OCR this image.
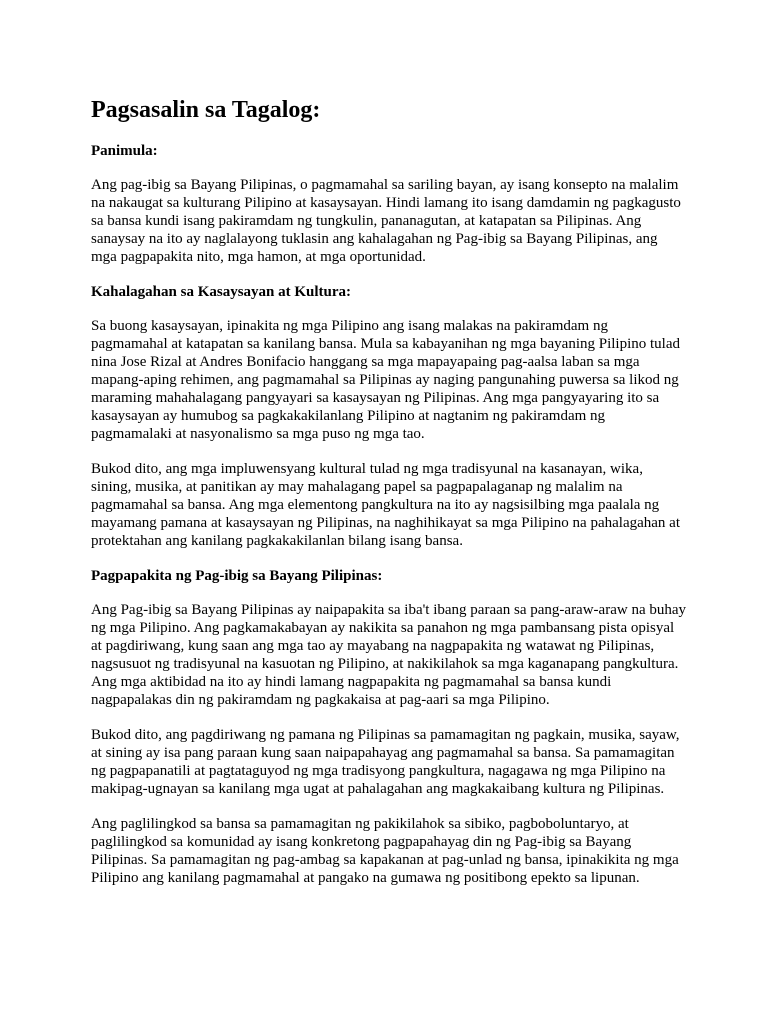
Pagsasalin sa Tagalog:
Panimula:

Ang pag-ibig sa Bayang Pilipinas, o pagmamahal sa sariling bayan, ay isang konsepto na malalim na nakaugat sa kulturang Pilipino at kasaysayan. Hindi lamang ito isang damdamin ng pagkagusto sa bansa kundi isang pakiramdam ng tungkulin, pananagutan, at katapatan sa Pilipinas. Ang sanaysay na ito ay naglalayong tuklasin ang kahalagahan ng Pag-ibig sa Bayang Pilipinas, ang mga pagpapakita nito, mga hamon, at mga oportunidad.

Kahalagahan sa Kasaysayan at Kultura:

Sa buong kasaysayan, ipinakita ng mga Pilipino ang isang malakas na pakiramdam ng pagmamahal at katapatan sa kanilang bansa. Mula sa kabayanihan ng mga bayaning Pilipino tulad nina Jose Rizal at Andres Bonifacio hanggang sa mga mapayapaing pag-aalsa laban sa mga mapang-aping rehimen, ang pagmamahal sa Pilipinas ay naging pangunahing puwersa sa likod ng maraming mahahalagang pangyayari sa kasaysayan ng Pilipinas. Ang mga pangyayaring ito sa kasaysayan ay humubog sa pagkakakilanlang Pilipino at nagtanim ng pakiramdam ng pagmamalaki at nasyonalismo sa mga puso ng mga tao.

Bukod dito, ang mga impluwensyang kultural tulad ng mga tradisyunal na kasanayan, wika, sining, musika, at panitikan ay may mahalagang papel sa pagpapalaganap ng malalim na pagmamahal sa bansa. Ang mga elementong pangkultura na ito ay nagsisilbing mga paalala ng mayamang pamana at kasaysayan ng Pilipinas, na naghihikayat sa mga Pilipino na pahalagahan at protektahan ang kanilang pagkakakilanlan bilang isang bansa.

Pagpapakita ng Pag-ibig sa Bayang Pilipinas:

Ang Pag-ibig sa Bayang Pilipinas ay naipapakita sa iba't ibang paraan sa pang-araw-araw na buhay ng mga Pilipino. Ang pagkamakabayan ay nakikita sa panahon ng mga pambansang pista opisyal at pagdiriwang, kung saan ang mga tao ay mayabang na nagpapakita ng watawat ng Pilipinas, nagsusuot ng tradisyunal na kasuotan ng Pilipino, at nakikilahok sa mga kaganapang pangkultura. Ang mga aktibidad na ito ay hindi lamang nagpapakita ng pagmamahal sa bansa kundi nagpapalakas din ng pakiramdam ng pagkakaisa at pag-aari sa mga Pilipino.

Bukod dito, ang pagdiriwang ng pamana ng Pilipinas sa pamamagitan ng pagkain, musika, sayaw, at sining ay isa pang paraan kung saan naipapahayag ang pagmamahal sa bansa. Sa pamamagitan ng pagpapanatili at pagtataguyod ng mga tradisyong pangkultura, nagagawa ng mga Pilipino na makipag-ugnayan sa kanilang mga ugat at pahalagahan ang magkakaibang kultura ng Pilipinas.

Ang paglilingkod sa bansa sa pamamagitan ng pakikilahok sa sibiko, pagboboluntaryo, at paglilingkod sa komunidad ay isang konkretong pagpapahayag din ng Pag-ibig sa Bayang Pilipinas. Sa pamamagitan ng pag-ambag sa kapakanan at pag-unlad ng bansa, ipinakikita ng mga Pilipino ang kanilang pagmamahal at pangako na gumawa ng positibong epekto sa lipunan.
